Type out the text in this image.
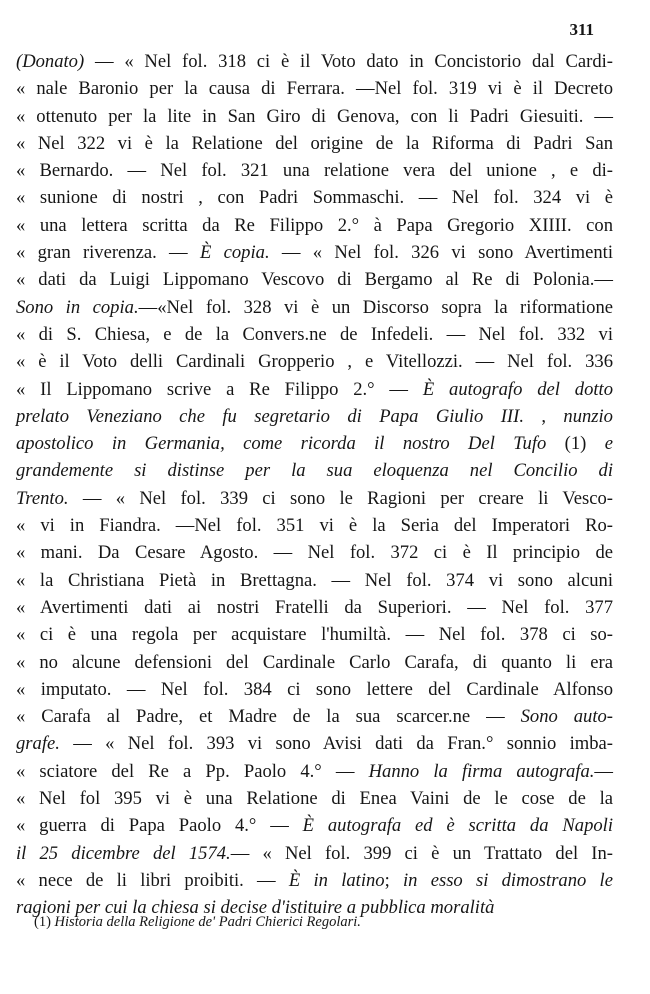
311
(Donato) — « Nel fol. 318 ci è il Voto dato in Concistorio dal Cardi-
« nale Baronio per la causa di Ferrara. —Nel fol. 319 vi è il Decreto
« ottenuto per la lite in San Giro di Genova, con li Padri Giesuiti. —
« Nel 322 vi è la Relatione del origine de la Riforma di Padri San
« Bernardo. — Nel fol. 321 una relatione vera del unione , e di-
« sunione di nostri , con Padri Sommaschi. — Nel fol. 324 vi è
« una lettera scritta da Re Filippo 2.° à Papa Gregorio XIIII. con
« gran riverenza. — È copia. — « Nel fol. 326 vi sono Avertimenti
« dati da Luigi Lippomano Vescovo di Bergamo al Re di Polonia.—
Sono in copia.—«Nel fol. 328 vi è un Discorso sopra la riformatione
« di S. Chiesa, e de la Convers.ne de Infedeli. — Nel fol. 332 vi
« è il Voto delli Cardinali Gropperio , e Vitellozzi. — Nel fol. 336
« Il Lippomano scrive a Re Filippo 2.° — È autografo del dotto
prelato Veneziano che fu segretario di Papa Giulio III. , nunzio
apostolico in Germania, come ricorda il nostro Del Tufo (1) e
grandemente si distinse per la sua eloquenza nel Concilio di
Trento. — « Nel fol. 339 ci sono le Ragioni per creare li Vesco-
« vi in Fiandra. —Nel fol. 351 vi è la Seria del Imperatori Ro-
« mani. Da Cesare Agosto. — Nel fol. 372 ci è Il principio de
« la Christiana Pietà in Brettagna. — Nel fol. 374 vi sono alcuni
« Avertimenti dati ai nostri Fratelli da Superiori. — Nel fol. 377
« ci è una regola per acquistare l'humiltà. — Nel fol. 378 ci so-
« no alcune defensioni del Cardinale Carlo Carafa, di quanto li era
« imputato. — Nel fol. 384 ci sono lettere del Cardinale Alfonso
« Carafa al Padre, et Madre de la sua scarcer.ne — Sono auto-
grafe. — « Nel fol. 393 vi sono Avisi dati da Fran.° sonnio imba-
« sciatore del Re a Pp. Paolo 4.° — Hanno la firma autografa.—
« Nel fol 395 vi è una Relatione di Enea Vaini de le cose de la
« guerra di Papa Paolo 4.° — È autografa ed è scritta da Napoli
il 25 dicembre del 1574.— « Nel fol. 399 ci è un Trattato del In-
« nece de li libri proibiti. — È in latino; in esso si dimostrano le
ragioni per cui la chiesa si decise d'istituire a pubblica moralità
(1) Historia della Religione de' Padri Chierici Regolari.
